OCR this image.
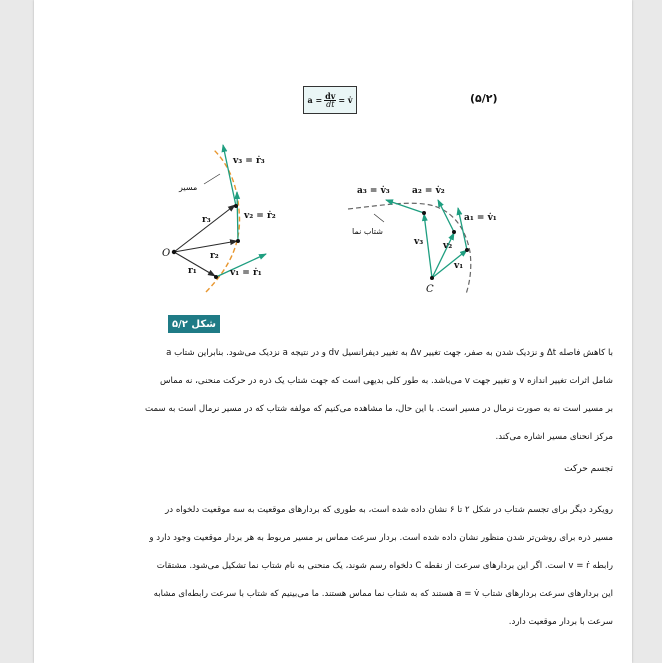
$a = \frac{dv}{dt}$ = v̇	(۵/۲)
مسیر
O
r₁
r₂
r₃
v₁ = ṙ₁
v₂ = ṙ₂
v₃ = ṙ₃
شتاب نما
C
v₃ v₂
v₁
a₃ = v̇₃ a₂ = v̇₂
a₁ = v̇₁
شکل ۵/۲
با کاهش فاصله Δt و نزدیک شدن به صفر، جهت تغییر Δv به تغییر دیفرانسیل dv و در نتیجه a نزدیک می‌شود. بنابراین شتاب a
شامل اثرات تغییر اندازه v و تغییر جهت v می‌باشد. به طور کلی بدیهی است که جهت شتاب یک ذره در حرکت منحنی، نه مماس
بر مسیر است نه به صورت نرمال در مسیر است. با این حال، ما مشاهده می‌کنیم که مولفه شتاب که در مسیر نرمال است به سمت
مرکز انحنای مسیر اشاره می‌کند.
تجسم حرکت
رویکرد دیگر برای تجسم شتاب در شکل ۲ تا ۶ نشان داده شده است، به طوری که بردارهای موقعیت به سه موقعیت دلخواه در
مسیر ذره برای روشن‌تر شدن منظور نشان داده شده است. بردار سرعت مماس بر مسیر مربوط به هر بردار موقعیت وجود دارد و
رابطه v = ṙ است. اگر این بردارهای سرعت از نقطه C دلخواه رسم شوند، یک منحنی به نام شتاب نما تشکیل می‌شود. مشتقات
این بردارهای سرعت بردارهای شتاب a = v̇ هستند که به شتاب نما مماس هستند. ما می‌بینیم که شتاب با سرعت رابطه‌ای مشابه
سرعت با بردار موقعیت دارد.
